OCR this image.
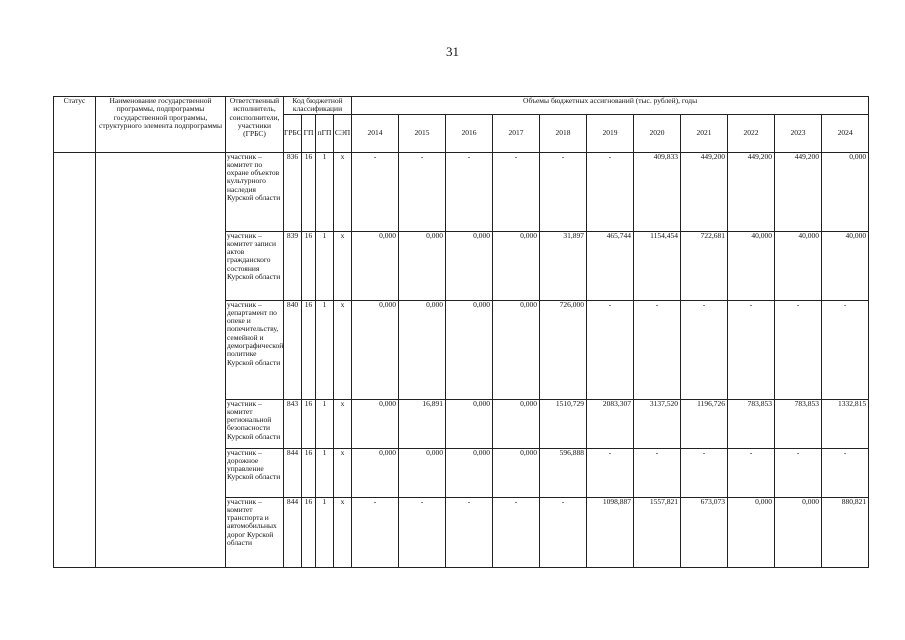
31
Статус	Наименование государственной программы, подпрограммы государственной программы, структурного элемента подпрограммы	Ответственный исполнитель, соисполнители, участники (ГРБС)	Код бюджетной классификации				Объемы бюджетных ассигнований (тыс. рублей), годы										
			ГРБС	ГП	пГП	СЭП	2014	2015	2016	2017	2018	2019	2020	2021	2022	2023	2024
		участник – комитет по охране объектов культурного наследия Курской области	836	16	1	х	-	-	-	-	-	-	409,833	449,200	449,200	449,200	0,000
		участник – комитет записи актов гражданского состояния Курской области	839	16	1	х	0,000	0,000	0,000	0,000	31,897	465,744	1154,454	722,681	40,000	40,000	40,000
		участник – департамент по опеке и попечительству, семейной и демографической политике Курской области	840	16	1	х	0,000	0,000	0,000	0,000	726,000	-	-	-	-	-	-
		участник – комитет региональной безопасности Курской области	843	16	1	х	0,000	16,891	0,000	0,000	1510,729	2083,307	3137,520	1196,726	783,853	783,853	1332,815
		участник – дорожное управление Курской области	844	16	1	х	0,000	0,000	0,000	0,000	596,888	-	-	-	-	-	-
		участник – комитет транспорта и автомобильных дорог Курской области	844	16	1	х	-	-	-	-	-	1098,887	1557,821	673,073	0,000	0,000	880,821
